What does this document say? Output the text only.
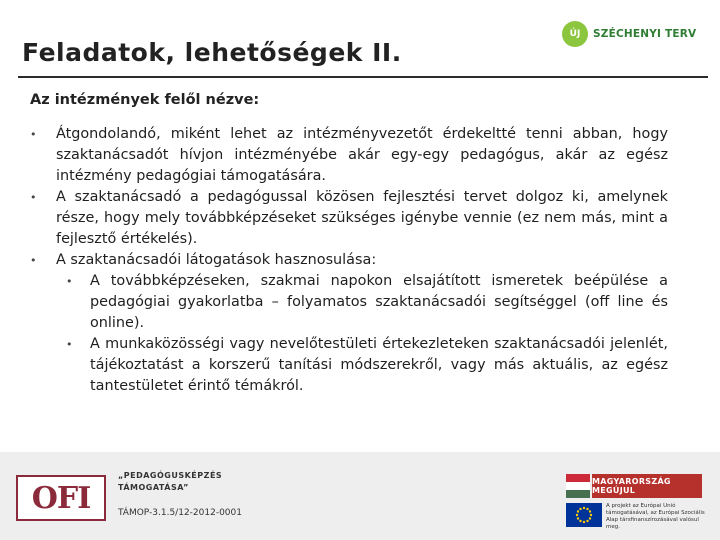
Feladatok, lehetőségek II.
ÚJ	SZÉCHENYI TERV
Az intézmények felől nézve:
• Átgondolandó, miként lehet az intézményvezetőt érdekeltté tenni abban, hogy szaktanácsadót hívjon intézményébe akár egy-egy pedagógus, akár az egész intézmény pedagógiai támogatására.
• A szaktanácsadó a pedagógussal közösen fejlesztési tervet dolgoz ki, amelynek része, hogy mely továbbképzéseket szükséges igénybe vennie (ez nem más, mint a fejlesztő értékelés).
• A szaktanácsadói látogatások hasznosulása:
• A továbbképzéseken, szakmai napokon elsajátított ismeretek beépülése a pedagógiai gyakorlatba – folyamatos szaktanácsadói segítséggel (off line és online).
• A munkaközösségi vagy nevelőtestületi értekezleteken szaktanácsadói jelenlét, tájékoztatást a korszerű tanítási módszerekről, vagy más aktuális, az egész tantestületet érintő témákról.
OFI
„PEDAGÓGUSKÉPZÉS
TÁMOGATÁSA”
TÁMOP-3.1.5/12-2012-0001
MAGYARORSZÁG MEGÚJUL
A projekt az Európai Unió támogatásával, az Európai Szociális Alap társfinanszírozásával valósul meg.
